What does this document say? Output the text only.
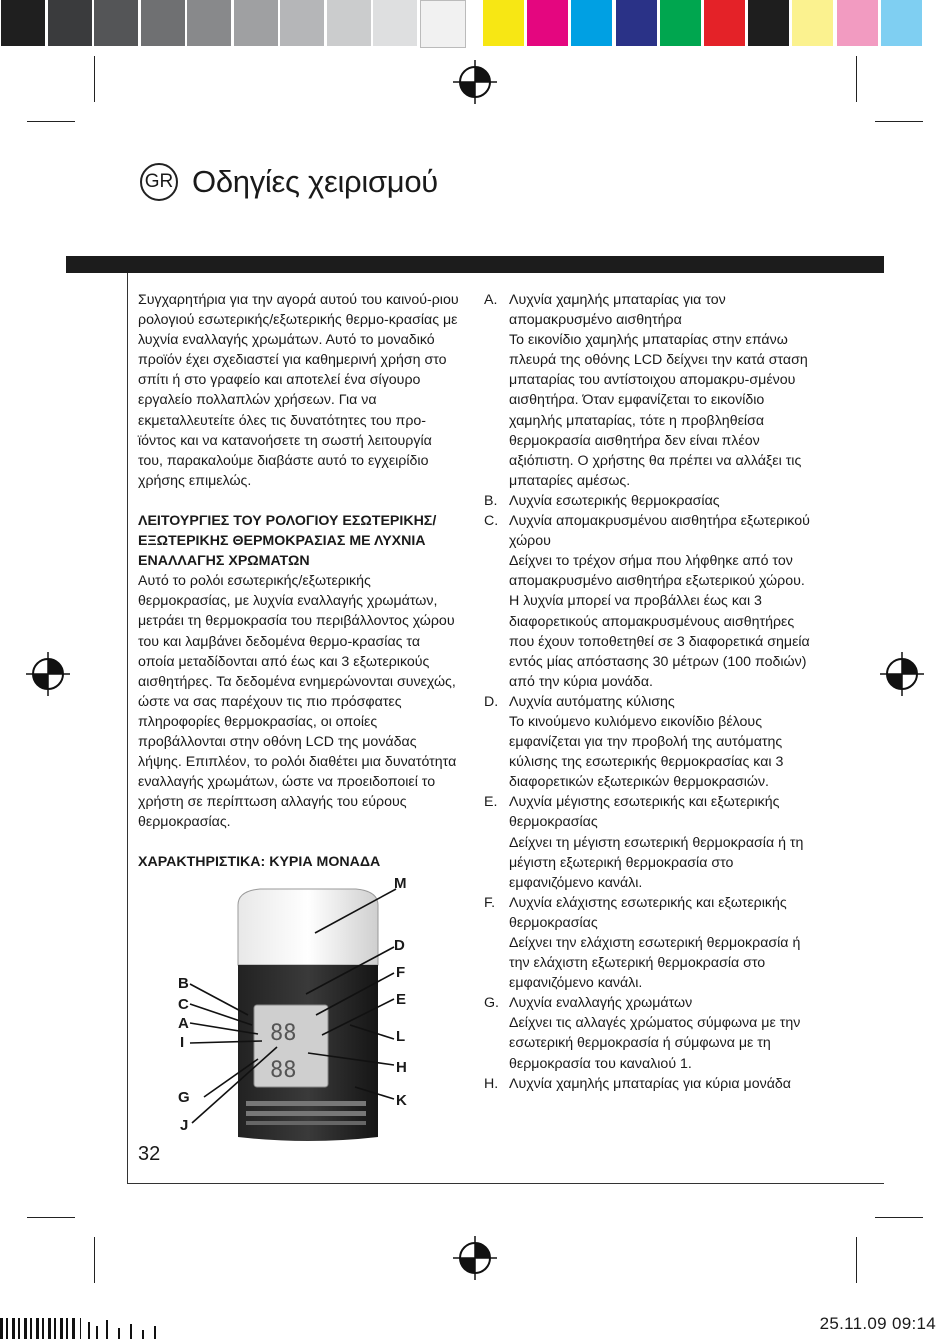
GR Οδηγίες χειρισμού

Συγχαρητήρια για την αγορά αυτού του καινού-ριου ρολογιού εσωτερικής/εξωτερικής θερμο-κρασίας με λυχνία εναλλαγής χρωμάτων. Αυτό το μοναδικό προϊόν έχει σχεδιαστεί για καθημερινή χρήση στο σπίτι ή στο γραφείο και αποτελεί ένα σίγουρο εργαλείο πολλαπλών χρήσεων. Για να εκμεταλλευτείτε όλες τις δυνατότητες του προ-ϊόντος και να κατανοήσετε τη σωστή λειτουργία του, παρακαλούμε διαβάστε αυτό το εγχειρίδιο χρήσης επιμελώς.

ΛΕΙΤΟΥΡΓΙΕΣ ΤΟΥ ΡΟΛΟΓΙΟΥ ΕΣΩΤΕΡΙΚΗΣ/ ΕΞΩΤΕΡΙΚΗΣ ΘΕΡΜΟΚΡΑΣΙΑΣ ΜΕ ΛΥΧΝΙΑ ΕΝΑΛΛΑΓΗΣ ΧΡΩΜΑΤΩΝ

Αυτό το ρολόι εσωτερικής/εξωτερικής θερμοκρασίας, με λυχνία εναλλαγής χρωμάτων, μετράει τη θερμοκρασία του περιβάλλοντος χώρου του και λαμβάνει δεδομένα θερμο-κρασίας τα οποία μεταδίδονται από έως και 3 εξωτερικούς αισθητήρες. Τα δεδομένα ενημερώνονται συνεχώς, ώστε να σας παρέχουν τις πιο πρόσφατες πληροφορίες θερμοκρασίας, οι οποίες προβάλλονται στην οθόνη LCD της μονάδας λήψης. Επιπλέον, το ρολόι διαθέτει μια δυνατότητα εναλλαγής χρωμάτων, ώστε να προειδοποιεί το χρήστη σε περίπτωση αλλαγής του εύρους θερμοκρασίας.

ΧΑΡΑΚΤΗΡΙΣΤΙΚΑ: ΚΥΡΙΑ ΜΟΝΑΔΑ

88
88
M
D
F
E
L
H
K
B
C
A
I
G
J
A. Λυχνία χαμηλής μπαταρίας για τον απομακρυσμένο αισθητήρα
Το εικονίδιο χαμηλής μπαταρίας στην επάνω πλευρά της οθόνης LCD δείχνει την κατά σταση μπαταρίας του αντίστοιχου απομακρυ-σμένου αισθητήρα. Όταν εμφανίζεται το εικονίδιο χαμηλής μπαταρίας, τότε η προβληθείσα θερμοκρασία αισθητήρα δεν είναι πλέον αξιόπιστη. Ο χρήστης θα πρέπει να αλλάξει τις μπαταρίες αμέσως.
B. Λυχνία εσωτερικής θερμοκρασίας
C. Λυχνία απομακρυσμένου αισθητήρα εξωτερικού χώρου
Δείχνει το τρέχον σήμα που λήφθηκε από τον απομακρυσμένο αισθητήρα εξωτερικού χώρου. Η λυχνία μπορεί να προβάλλει έως και 3 διαφορετικούς απομακρυσμένους αισθητήρες που έχουν τοποθετηθεί σε 3 διαφορετικά σημεία εντός μίας απόστασης 30 μέτρων (100 ποδιών) από την κύρια μονάδα.
D. Λυχνία αυτόματης κύλισης
Το κινούμενο κυλιόμενο εικονίδιο βέλους εμφανίζεται για την προβολή της αυτόματης κύλισης της εσωτερικής θερμοκρασίας και 3 διαφορετικών εξωτερικών θερμοκρασιών.
E. Λυχνία μέγιστης εσωτερικής και εξωτερικής θερμοκρασίας
Δείχνει τη μέγιστη εσωτερική θερμοκρασία ή τη μέγιστη εξωτερική θερμοκρασία στο εμφανιζόμενο κανάλι.
F. Λυχνία ελάχιστης εσωτερικής και εξωτερικής θερμοκρασίας
Δείχνει την ελάχιστη εσωτερική θερμοκρασία ή την ελάχιστη εξωτερική θερμοκρασία στο εμφανιζόμενο κανάλι.
G. Λυχνία εναλλαγής χρωμάτων
Δείχνει τις αλλαγές χρώματος σύμφωνα με την εσωτερική θερμοκρασία ή σύμφωνα με τη θερμοκρασία του καναλιού 1.
H. Λυχνία χαμηλής μπαταρίας για κύρια μονάδα
32
25.11.09 09:14
